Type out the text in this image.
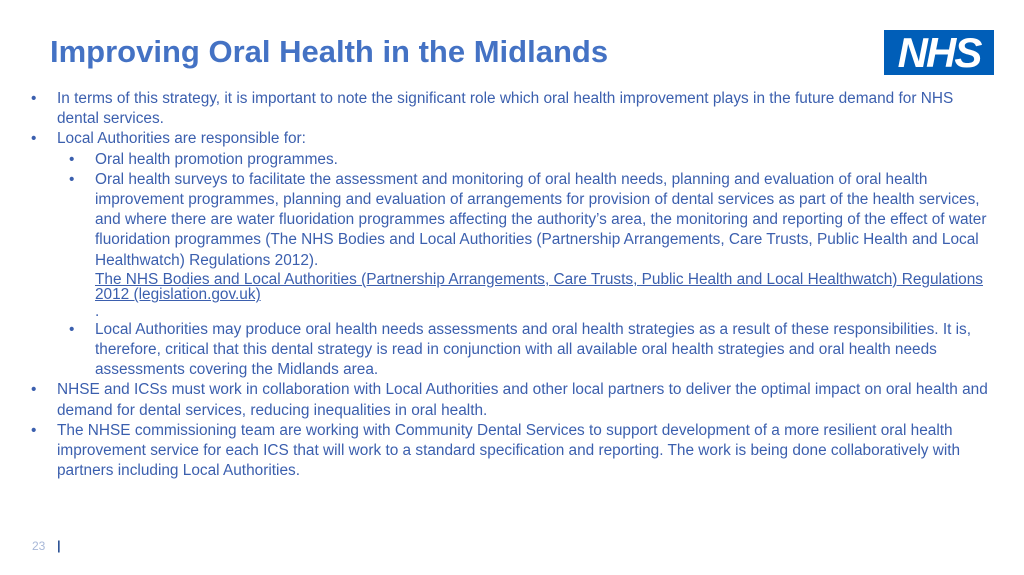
Improving Oral Health in the Midlands	NHS
• In terms of this strategy, it is important to note the significant role which oral health improvement plays in the future demand for NHS dental services.
• Local Authorities are responsible for:
• Oral health promotion programmes.
• Oral health surveys to facilitate the assessment and monitoring of oral health needs, planning and evaluation of oral health improvement programmes, planning and evaluation of arrangements for provision of dental services as part of the health services, and where there are water fluoridation programmes affecting the authority’s area, the monitoring and reporting of the effect of water fluoridation programmes (The NHS Bodies and Local Authorities (Partnership Arrangements, Care Trusts, Public Health and Local Healthwatch) Regulations 2012).
The NHS Bodies and Local Authorities (Partnership Arrangements, Care Trusts, Public Health and Local Healthwatch) Regulations 2012 (legislation.gov.uk)
.
• Local Authorities may produce oral health needs assessments and oral health strategies as a result of these responsibilities. It is, therefore, critical that this dental strategy is read in conjunction with all available oral health strategies and oral health needs assessments covering the Midlands area.
• NHSE and ICSs must work in collaboration with Local Authorities and other local partners to deliver the optimal impact on oral health and demand for dental services, reducing inequalities in oral health.
• The NHSE commissioning team are working with Community Dental Services to support development of a more resilient oral health improvement service for each ICS that will work to a standard specification and reporting. The work is being done collaboratively with partners including Local Authorities.
23 |
